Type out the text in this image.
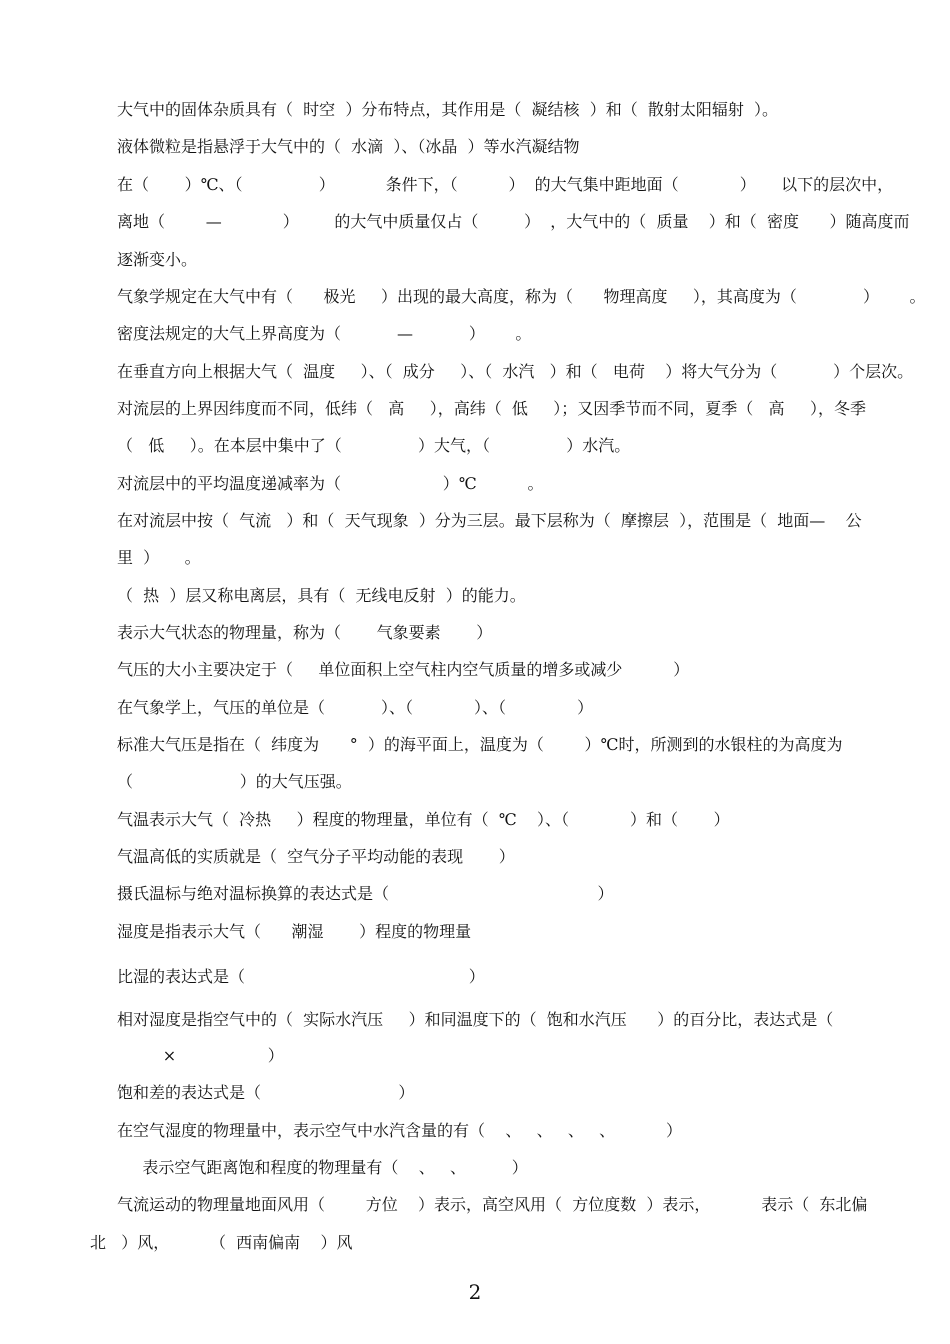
大气中的固体杂质具有（  时空  ）分布特点，其作用是（  凝结核  ）和（  散射太阳辐射  ）。
液体微粒是指悬浮于大气中的（  水滴  ）、（冰晶  ）等水汽凝结物
在（       ）℃、（               ）          条件下，（          ）  的大气集中距地面（            ）     以下的层次中，
离地（        —            ）       的大气中质量仅占（         ）  ，大气中的（  质量    ）和（  密度      ）随高度而
逐渐变小。
气象学规定在大气中有（      极光     ）出现的最大高度，称为（      物理高度     ），其高度为（             ）      。
密度法规定的大气上界高度为（           —           ）      。
在垂直方向上根据大气（  温度     ）、（  成分     ）、（  水汽   ）和（   电荷    ）将大气分为（           ）个层次。
对流层的上界因纬度而不同，低纬（   高     ），高纬（  低     ）；又因季节而不同，夏季（   高     ），冬季
（   低     ）。在本层中集中了（               ）大气，（               ）水汽。
对流层中的平均温度递减率为（                    ）℃          。
在对流层中按（  气流   ）和（  天气现象  ）分为三层。最下层称为（  摩擦层  ），范围是（  地面—    公
里  ）     。
（  热  ）层又称电离层，具有（  无线电反射  ）的能力。
表示大气状态的物理量，称为（       气象要素       ）
气压的大小主要决定于（     单位面积上空气柱内空气质量的增多或减少          ）
在气象学上，气压的单位是（           ）、（            ）、（              ）
标准大气压是指在（  纬度为      °  ）的海平面上，温度为（        ）℃时，所测到的水银柱的为高度为
（                     ）的大气压强。
气温表示大气（  冷热     ）程度的物理量，单位有（  ℃    ）、（            ）和（       ）
气温高低的实质就是（  空气分子平均动能的表现       ）
摄氏温标与绝对温标换算的表达式是（                                         ）
湿度是指表示大气（      潮湿       ）程度的物理量
比湿的表达式是（                                            ）
相对湿度是指空气中的（  实际水汽压     ）和同温度下的（  饱和水汽压      ）的百分比，表达式是（
×                  ）
饱和差的表达式是（                           ）
在空气湿度的物理量中，表示空气中水汽含量的有（    、   、   、   、          ）
表示空气距离饱和程度的物理量有（    、   、         ）
气流运动的物理量地面风用（        方位    ）表示，高空风用（  方位度数  ）表示，          表示（  东北偏
北   ）风，        （  西南偏南    ）风
2
